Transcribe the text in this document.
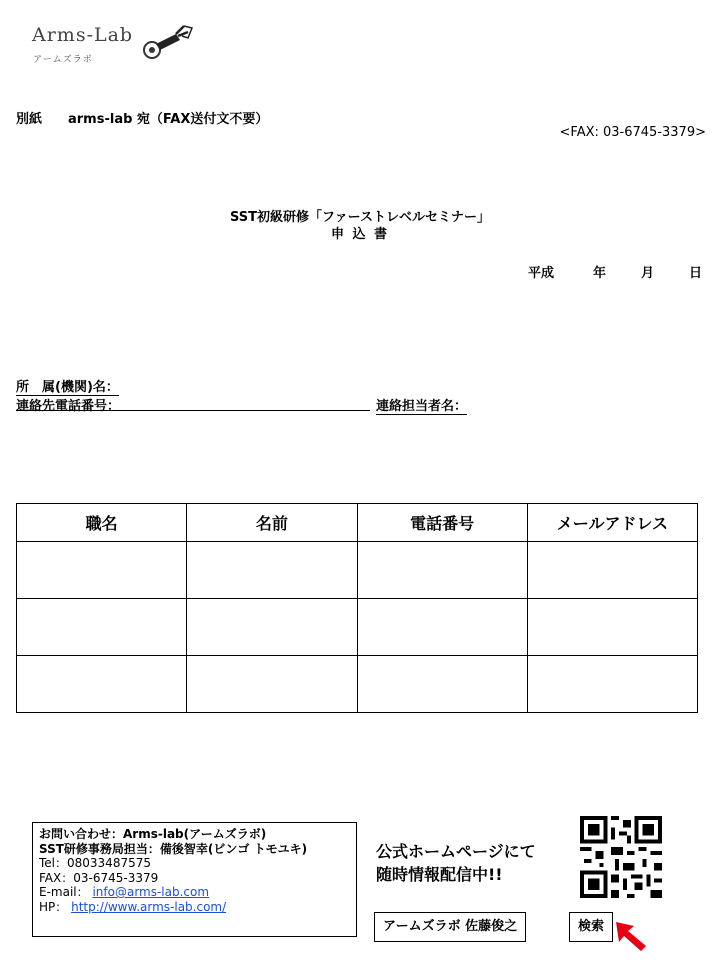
Arms-Lab
アームズラボ
別紙 arms-lab 宛（FAX送付文不要）
<FAX: 03-6745-3379>
SST初級研修「ファーストレベルセミナー」
申 込 書
平成	年	月	日
所　属(機関)名：
連絡先電話番号：	連絡担当者名：
職名	名前	電話番号	メールアドレス

お問い合わせ：Arms-lab(アームズラボ)
SST研修事務局担当：備後智幸(ビンゴ トモユキ)
Tel：08033487575
FAX：03-6745-3379
E-mail： info@arms-lab.com
HP： http://www.arms-lab.com/
公式ホームページにて
随時情報配信中!!
アームズラボ 佐藤俊之	検索
